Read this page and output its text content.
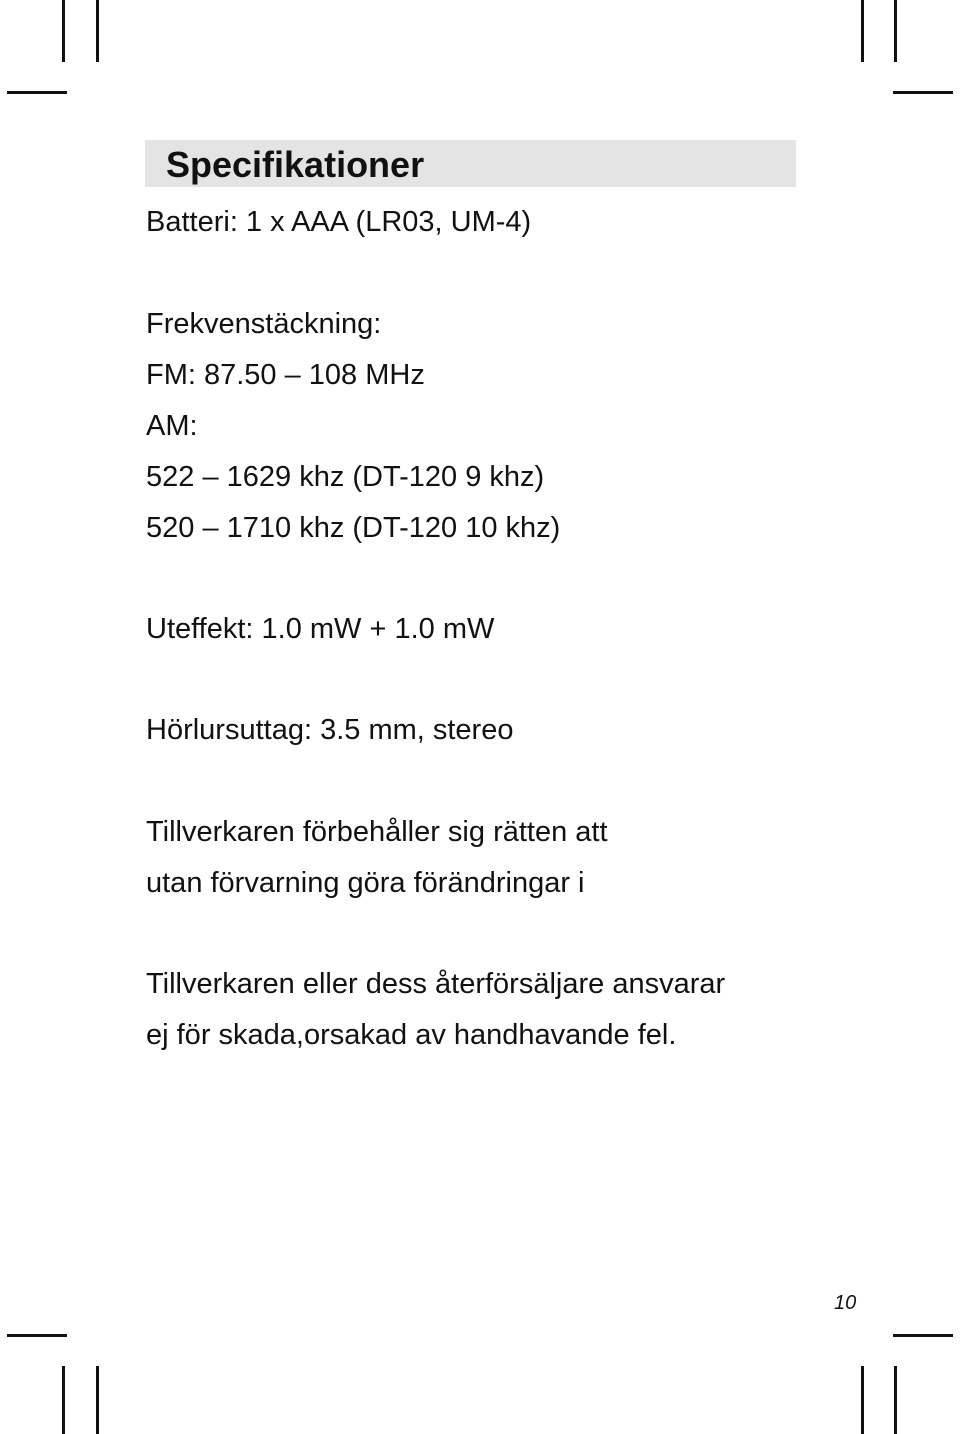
Specifikationer
Batteri: 1 x AAA (LR03, UM-4)
Frekvenstäckning:
FM: 87.50 – 108 MHz
AM:
522 – 1629 khz (DT-120 9 khz)
520 – 1710 khz (DT-120 10 khz)
Uteffekt: 1.0 mW + 1.0 mW
Hörlursuttag: 3.5 mm, stereo
Tillverkaren förbehåller sig rätten att
utan förvarning göra förändringar i
Tillverkaren eller dess återförsäljare ansvarar
ej för skada,orsakad av handhavande fel.
10
